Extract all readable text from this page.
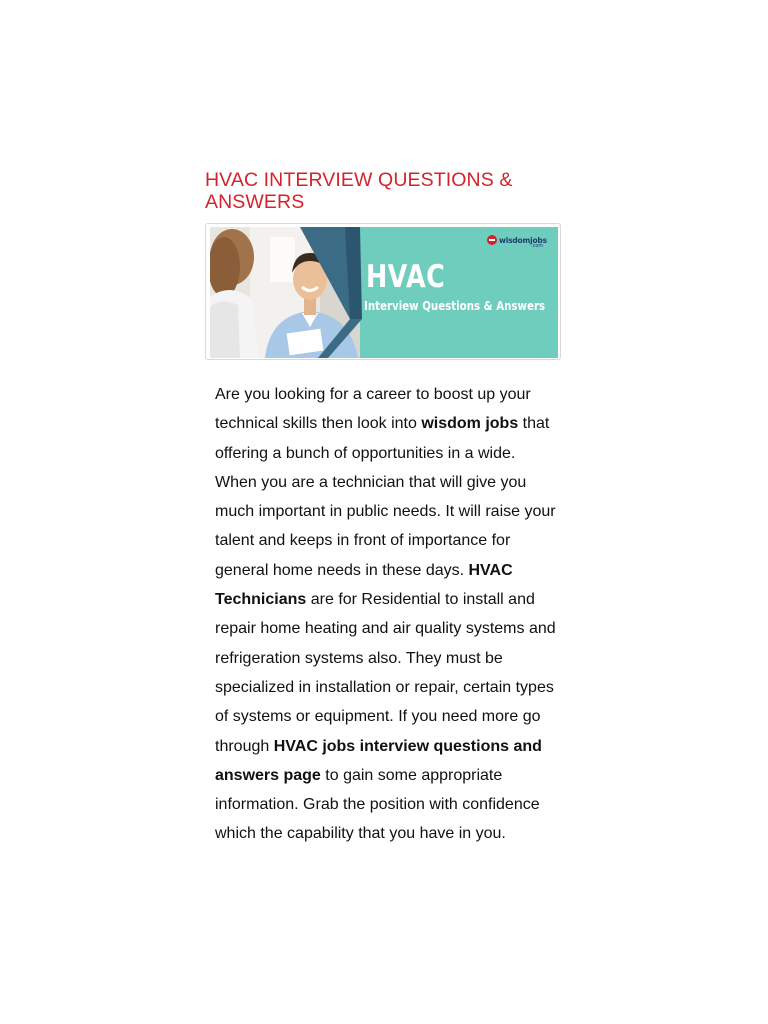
HVAC INTERVIEW QUESTIONS & ANSWERS

HVAC

Interview Questions & Answers

wisdomjobs
.com

Are you looking for a career to boost up your technical skills then look into wisdom jobs that offering a bunch of opportunities in a wide. When you are a technician that will give you much important in public needs. It will raise your talent and keeps in front of importance for general home needs in these days. HVAC Technicians are for Residential to install and repair home heating and air quality systems and refrigeration systems also. They must be specialized in installation or repair, certain types of systems or equipment. If you need more go through HVAC jobs interview questions and answers page to gain some appropriate information. Grab the position with confidence which the capability that you have in you.
